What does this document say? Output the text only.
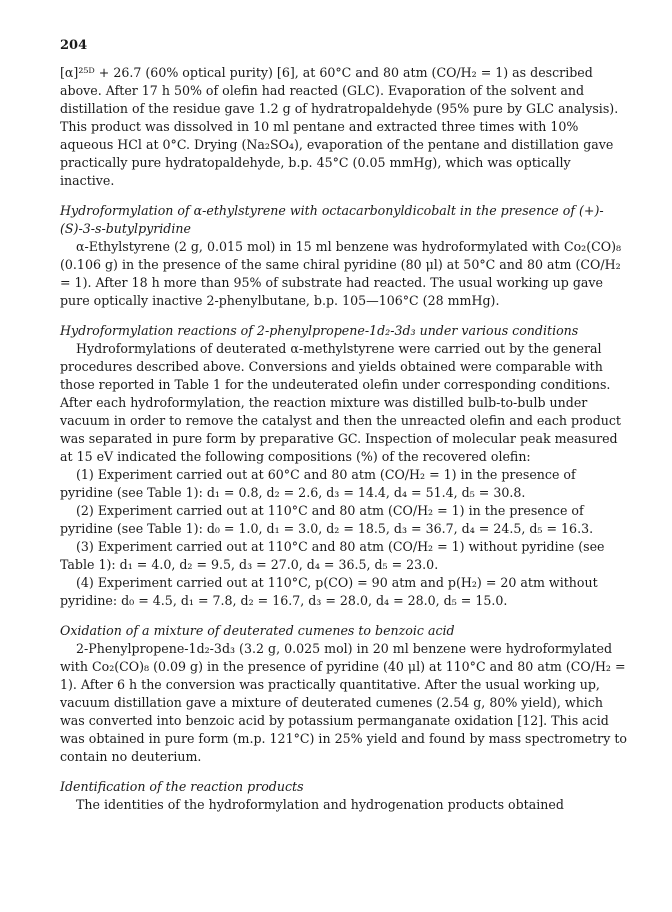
204

[α]²⁵ᴰ + 26.7 (60% optical purity) [6], at 60°C and 80 atm (CO/H₂ = 1) as described above. After 17 h 50% of olefin had reacted (GLC). Evaporation of the solvent and distillation of the residue gave 1.2 g of hydratropaldehyde (95% pure by GLC analysis). This product was dissolved in 10 ml pentane and extracted three times with 10% aqueous HCl at 0°C. Drying (Na₂SO₄), evaporation of the pentane and distillation gave practically pure hydratopaldehyde, b.p. 45°C (0.05 mmHg), which was optically inactive.

Hydroformylation of α-ethylstyrene with octacarbonyldicobalt in the presence of (+)-(S)-3-s-butylpyridine

α-Ethylstyrene (2 g, 0.015 mol) in 15 ml benzene was hydroformylated with Co₂(CO)₈ (0.106 g) in the presence of the same chiral pyridine (80 μl) at 50°C and 80 atm (CO/H₂ = 1). After 18 h more than 95% of substrate had reacted. The usual working up gave pure optically inactive 2-phenylbutane, b.p. 105—106°C (28 mmHg).

Hydroformylation reactions of 2-phenylpropene-1d₂-3d₃ under various conditions

Hydroformylations of deuterated α-methylstyrene were carried out by the general procedures described above. Conversions and yields obtained were comparable with those reported in Table 1 for the undeuterated olefin under corresponding conditions. After each hydroformylation, the reaction mixture was distilled bulb-to-bulb under vacuum in order to remove the catalyst and then the unreacted olefin and each product was separated in pure form by preparative GC. Inspection of molecular peak measured at 15 eV indicated the following compositions (%) of the recovered olefin:

(1) Experiment carried out at 60°C and 80 atm (CO/H₂ = 1) in the presence of pyridine (see Table 1): d₁ = 0.8, d₂ = 2.6, d₃ = 14.4, d₄ = 51.4, d₅ = 30.8.

(2) Experiment carried out at 110°C and 80 atm (CO/H₂ = 1) in the presence of pyridine (see Table 1): d₀ = 1.0, d₁ = 3.0, d₂ = 18.5, d₃ = 36.7, d₄ = 24.5, d₅ = 16.3.

(3) Experiment carried out at 110°C and 80 atm (CO/H₂ = 1) without pyridine (see Table 1): d₁ = 4.0, d₂ = 9.5, d₃ = 27.0, d₄ = 36.5, d₅ = 23.0.

(4) Experiment carried out at 110°C, p(CO) = 90 atm and p(H₂) = 20 atm without pyridine: d₀ = 4.5, d₁ = 7.8, d₂ = 16.7, d₃ = 28.0, d₄ = 28.0, d₅ = 15.0.

Oxidation of a mixture of deuterated cumenes to benzoic acid

2-Phenylpropene-1d₂-3d₃ (3.2 g, 0.025 mol) in 20 ml benzene were hydroformylated with Co₂(CO)₈ (0.09 g) in the presence of pyridine (40 μl) at 110°C and 80 atm (CO/H₂ = 1). After 6 h the conversion was practically quantitative. After the usual working up, vacuum distillation gave a mixture of deuterated cumenes (2.54 g, 80% yield), which was converted into benzoic acid by potassium permanganate oxidation [12]. This acid was obtained in pure form (m.p. 121°C) in 25% yield and found by mass spectrometry to contain no deuterium.

Identification of the reaction products

The identities of the hydroformylation and hydrogenation products obtained
